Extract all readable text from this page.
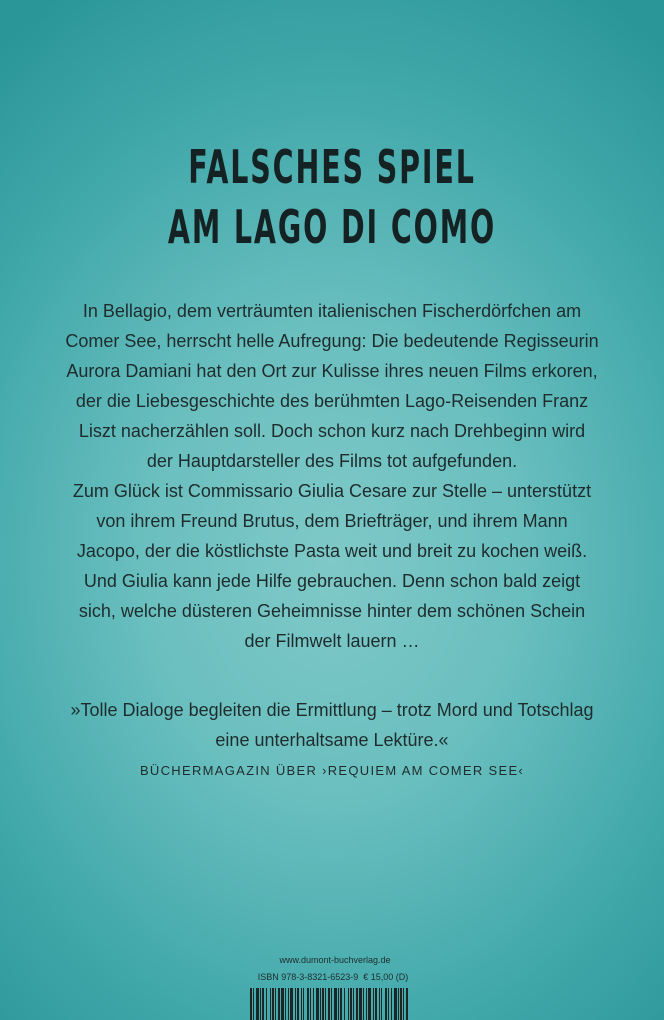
FALSCHES SPIEL
AM LAGO DI COMO
In Bellagio, dem verträumten italienischen Fischerdörfchen am
Comer See, herrscht helle Aufregung: Die bedeutende Regisseurin
Aurora Damiani hat den Ort zur Kulisse ihres neuen Films erkoren,
der die Liebesgeschichte des berühmten Lago-Reisenden Franz
Liszt nacherzählen soll. Doch schon kurz nach Drehbeginn wird
der Hauptdarsteller des Films tot aufgefunden.
Zum Glück ist Commissario Giulia Cesare zur Stelle – unterstützt
von ihrem Freund Brutus, dem Briefträger, und ihrem Mann
Jacopo, der die köstlichste Pasta weit und breit zu kochen weiß.
Und Giulia kann jede Hilfe gebrauchen. Denn schon bald zeigt
sich, welche düsteren Geheimnisse hinter dem schönen Schein
der Filmwelt lauern …
»Tolle Dialoge begleiten die Ermittlung – trotz Mord und Totschlag
eine unterhaltsame Lektüre.«
BÜCHERMAGAZIN ÜBER ›REQUIEM AM COMER SEE‹
www.dumont-buchverlag.de
ISBN 978-3-8321-6523-9 € 15,00 (D)
